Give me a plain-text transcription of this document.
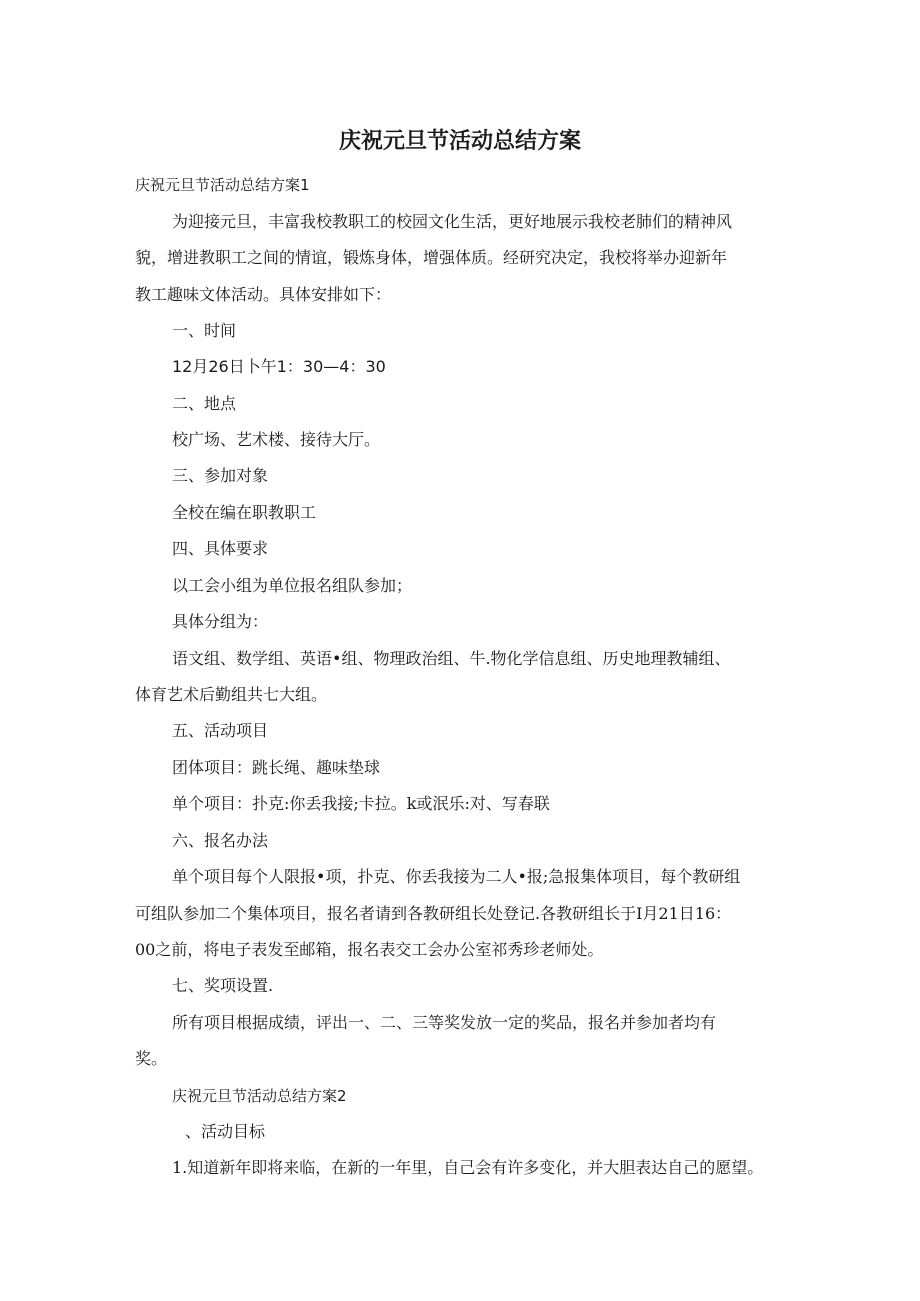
庆祝元旦节活动总结方案
庆祝元旦节活动总结方案1
为迎接元旦，丰富我校教职工的校园文化生活，更好地展示我校老肺们的精神风
貌，增进教职工之间的情谊，锻炼身体，增强体质。经研究决定，我校将举办迎新年
教工趣味文体活动。具体安排如下：
一、时间
12月26日卜午1：30—4：30
二、地点
校广场、艺术楼、接待大厅。
三、参加对象
全校在编在职教职工
四、具体要求
以工会小组为单位报名组队参加；
具体分组为：
语文组、数学组、英语•组、物理政治组、牛.物化学信息组、历史地理教辅组、
体育艺术后勤组共七大组。
五、活动项目
团体项目：跳长绳、趣味垫球
单个项目：扑克:你丢我接;卡拉。k或泯乐:对、写春联
六、报名办法
单个项目每个人限报•项，扑克、你丢我接为二人•报;急报集体项目，每个教研组
可组队参加二个集体项目，报名者请到各教研组长处登记.各教研组长于I月21日16：
00之前，将电子表发至邮箱，报名表交工会办公室祁秀珍老师处。
七、奖项设置.
所有项目根据成绩，评出一、二、三等奖发放一定的奖品，报名并参加者均有
奖。
庆祝元旦节活动总结方案2
、活动目标
1.知道新年即将来临，在新的一年里，自己会有许多变化，并大胆表达自己的愿望。
